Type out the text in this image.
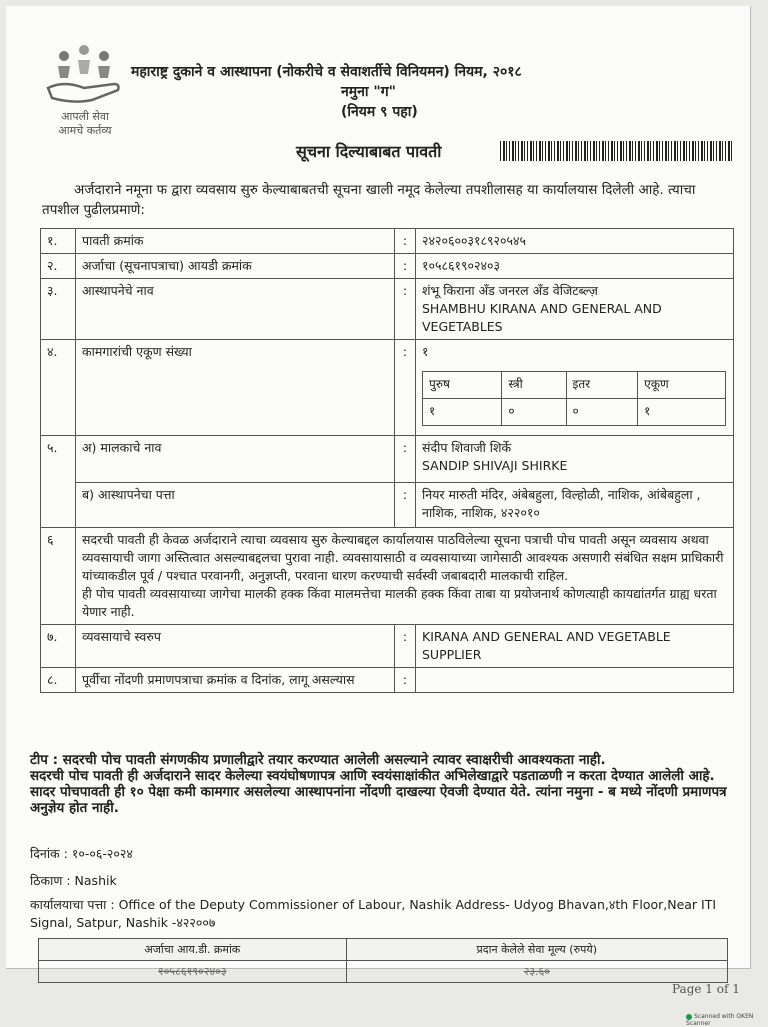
आपली सेवा
आमचे कर्तव्य
महाराष्ट्र दुकाने व आस्थापना (नोकरीचे व सेवाशर्तीचे विनियमन) नियम, २०१८
नमुना "ग"
(नियम ९ पहा)
सूचना दिल्याबाबत पावती
अर्जदाराने नमूना फ द्वारा व्यवसाय सुरु केल्याबाबतची सूचना खाली नमूद केलेल्या तपशीलासह या कार्यालयास दिलेली आहे. त्याचा तपशील पुढीलप्रमाणे:
१.	पावती क्रमांक	:	२४२०६००३१८९२०५४५
२.	अर्जाचा (सूचनापत्राचा) आयडी क्रमांक	:	१०५८६१९०२४०३
३.	आस्थापनेचे नाव	:	शंभू किराना अँड जनरल अँड वेजिटब्ल्ज़
SHAMBHU KIRANA AND GENERAL AND VEGETABLES

४.	कामगारांची एकूण संख्या	:	१
पुरुष	स्त्री	इतर	एकूण
१	०	०	१

५.	अ) मालकाचे नाव	:	संदीप शिवाजी शिर्के
SANDIP SHIVAJI SHIRKE

ब) आस्थापनेचा पत्ता	:	नियर मारुती मंदिर, अंबेबहुला, विल्होळी, नाशिक, आंबेबहुला , नाशिक, नाशिक, ४२२०१०
६	सदरची पावती ही केवळ अर्जदाराने त्याचा व्यवसाय सुरु केल्याबद्दल कार्यालयास पाठविलेल्या सूचना पत्राची पोच पावती असून व्यवसाय अथवा व्यवसायाची जागा अस्तित्वात असल्याबद्दलचा पुरावा नाही. व्यवसायासाठी व व्यवसायाच्या जागेसाठी आवश्यक असणारी संबंधित सक्षम प्राधिकारी यांच्याकडील पूर्व / पश्चात परवानगी, अनुज्ञप्ती, परवाना धारण करण्याची सर्वस्वी जबाबदारी मालकाची राहिल.
ही पोच पावती व्यवसायाच्या जागेचा मालकी हक्क किंवा मालमत्तेचा मालकी हक्क किंवा ताबा या प्रयोजनार्थ कोणत्याही कायद्यांतर्गत ग्राह्य धरता येणार नाही.

७.	व्यवसायाचे स्वरुप	:	KIRANA AND GENERAL AND VEGETABLE SUPPLIER
८.	पूर्वीचा नोंदणी प्रमाणपत्राचा क्रमांक व दिनांक, लागू असल्यास	:	
टीप : सदरची पोच पावती संगणकीय प्रणालीद्वारे तयार करण्यात आलेली असल्याने त्यावर स्वाक्षरीची आवश्यकता नाही.
सदरची पोच पावती ही अर्जदाराने सादर केलेल्या स्वयंघोषणापत्र आणि स्वयंसाक्षांकीत अभिलेखाद्वारे पडताळणी न करता देण्यात आलेली आहे.
सादर पोचपावती ही १० पेक्षा कमी कामगार असलेल्या आस्थापनांना नोंदणी दाखल्या ऐवजी देण्यात येते. त्यांना नमुना - ब मध्ये नोंदणी प्रमाणपत्र अनुज्ञेय होत नाही.
दिनांक : १०-०६-२०२४
ठिकाण : Nashik
कार्यालयाचा पत्ता : Office of the Deputy Commissioner of Labour, Nashik Address- Udyog Bhavan,४th Floor,Near ITI Signal, Satpur, Nashik -४२२००७
अर्जाचा आय.डी. क्रमांक	प्रदान केलेले सेवा मूल्य (रुपये)
१०५८६१९०२४०३	२३.६०
Page 1 of 1
Scanned with OKEN Scanner
